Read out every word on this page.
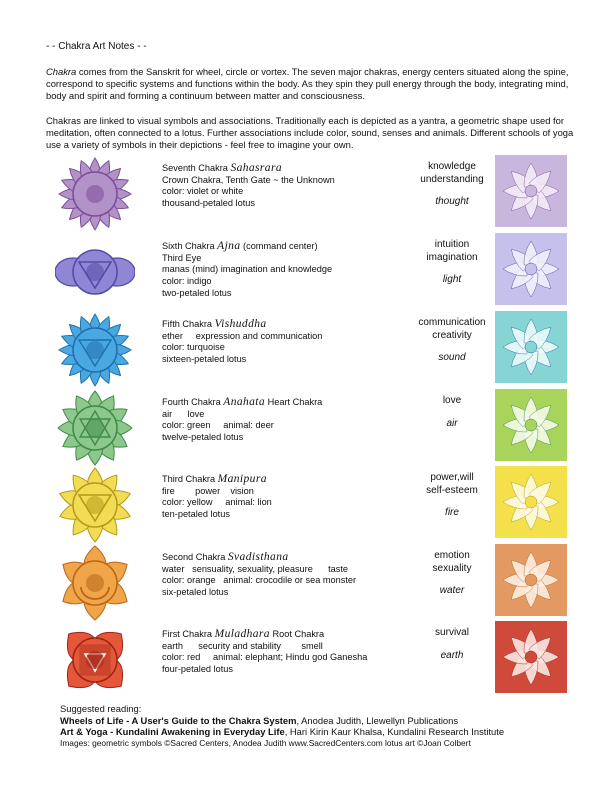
- - Chakra Art Notes - -
Chakra comes from the Sanskrit for wheel, circle or vortex. The seven major chakras, energy centers situated along the spine, correspond to specific systems and functions within the body. As they spin they pull energy through the body, integrating mind, body and spirit and forming a continuum between matter and consciousness.
Chakras are linked to visual symbols and associations. Traditionally each is depicted as a yantra, a geometric shape used for meditation, often connected to a lotus. Further associations include color, sound, senses and animals. Different schools of yoga use a variety of symbols in their depictions - feel free to imagine your own.
Seventh Chakra Sahasrara
Crown Chakra, Tenth Gate ~ the Unknown
color: violet or white
thousand-petaled lotus
knowledge
understanding
thought
Sixth Chakra Ajna (command center)
Third Eye
manas (mind) imagination and knowledge
color: indigo
two-petaled lotus
intuition
imagination
light
Fifth Chakra Vishuddha
ether     expression and communication
color: turquoise
sixteen-petaled lotus
communication
creativity
sound
Fourth Chakra Anahata Heart Chakra
air      love
color: green     animal: deer
twelve-petaled lotus
love
air
Third Chakra Manipura
fire        power    vision
color: yellow     animal: lion
ten-petaled lotus
power,will
self-esteem
fire
Second Chakra Svadisthana
water   sensuality, sexuality, pleasure      taste
color: orange   animal: crocodile or sea monster
six-petaled lotus
emotion
sexuality
water
First Chakra Muladhara Root Chakra
earth      security and stability        smell
color: red     animal: elephant; Hindu god Ganesha
four-petaled lotus
survival
earth
Suggested reading:
Wheels of Life - A User's Guide to the Chakra System, Anodea Judith, Llewellyn Publications
Art & Yoga - Kundalini Awakening in Everyday Life, Hari Kirin Kaur Khalsa, Kundalini Research Institute
Images: geometric symbols ©Sacred Centers, Anodea Judith www.SacredCenters.com lotus art ©Joan Colbert
